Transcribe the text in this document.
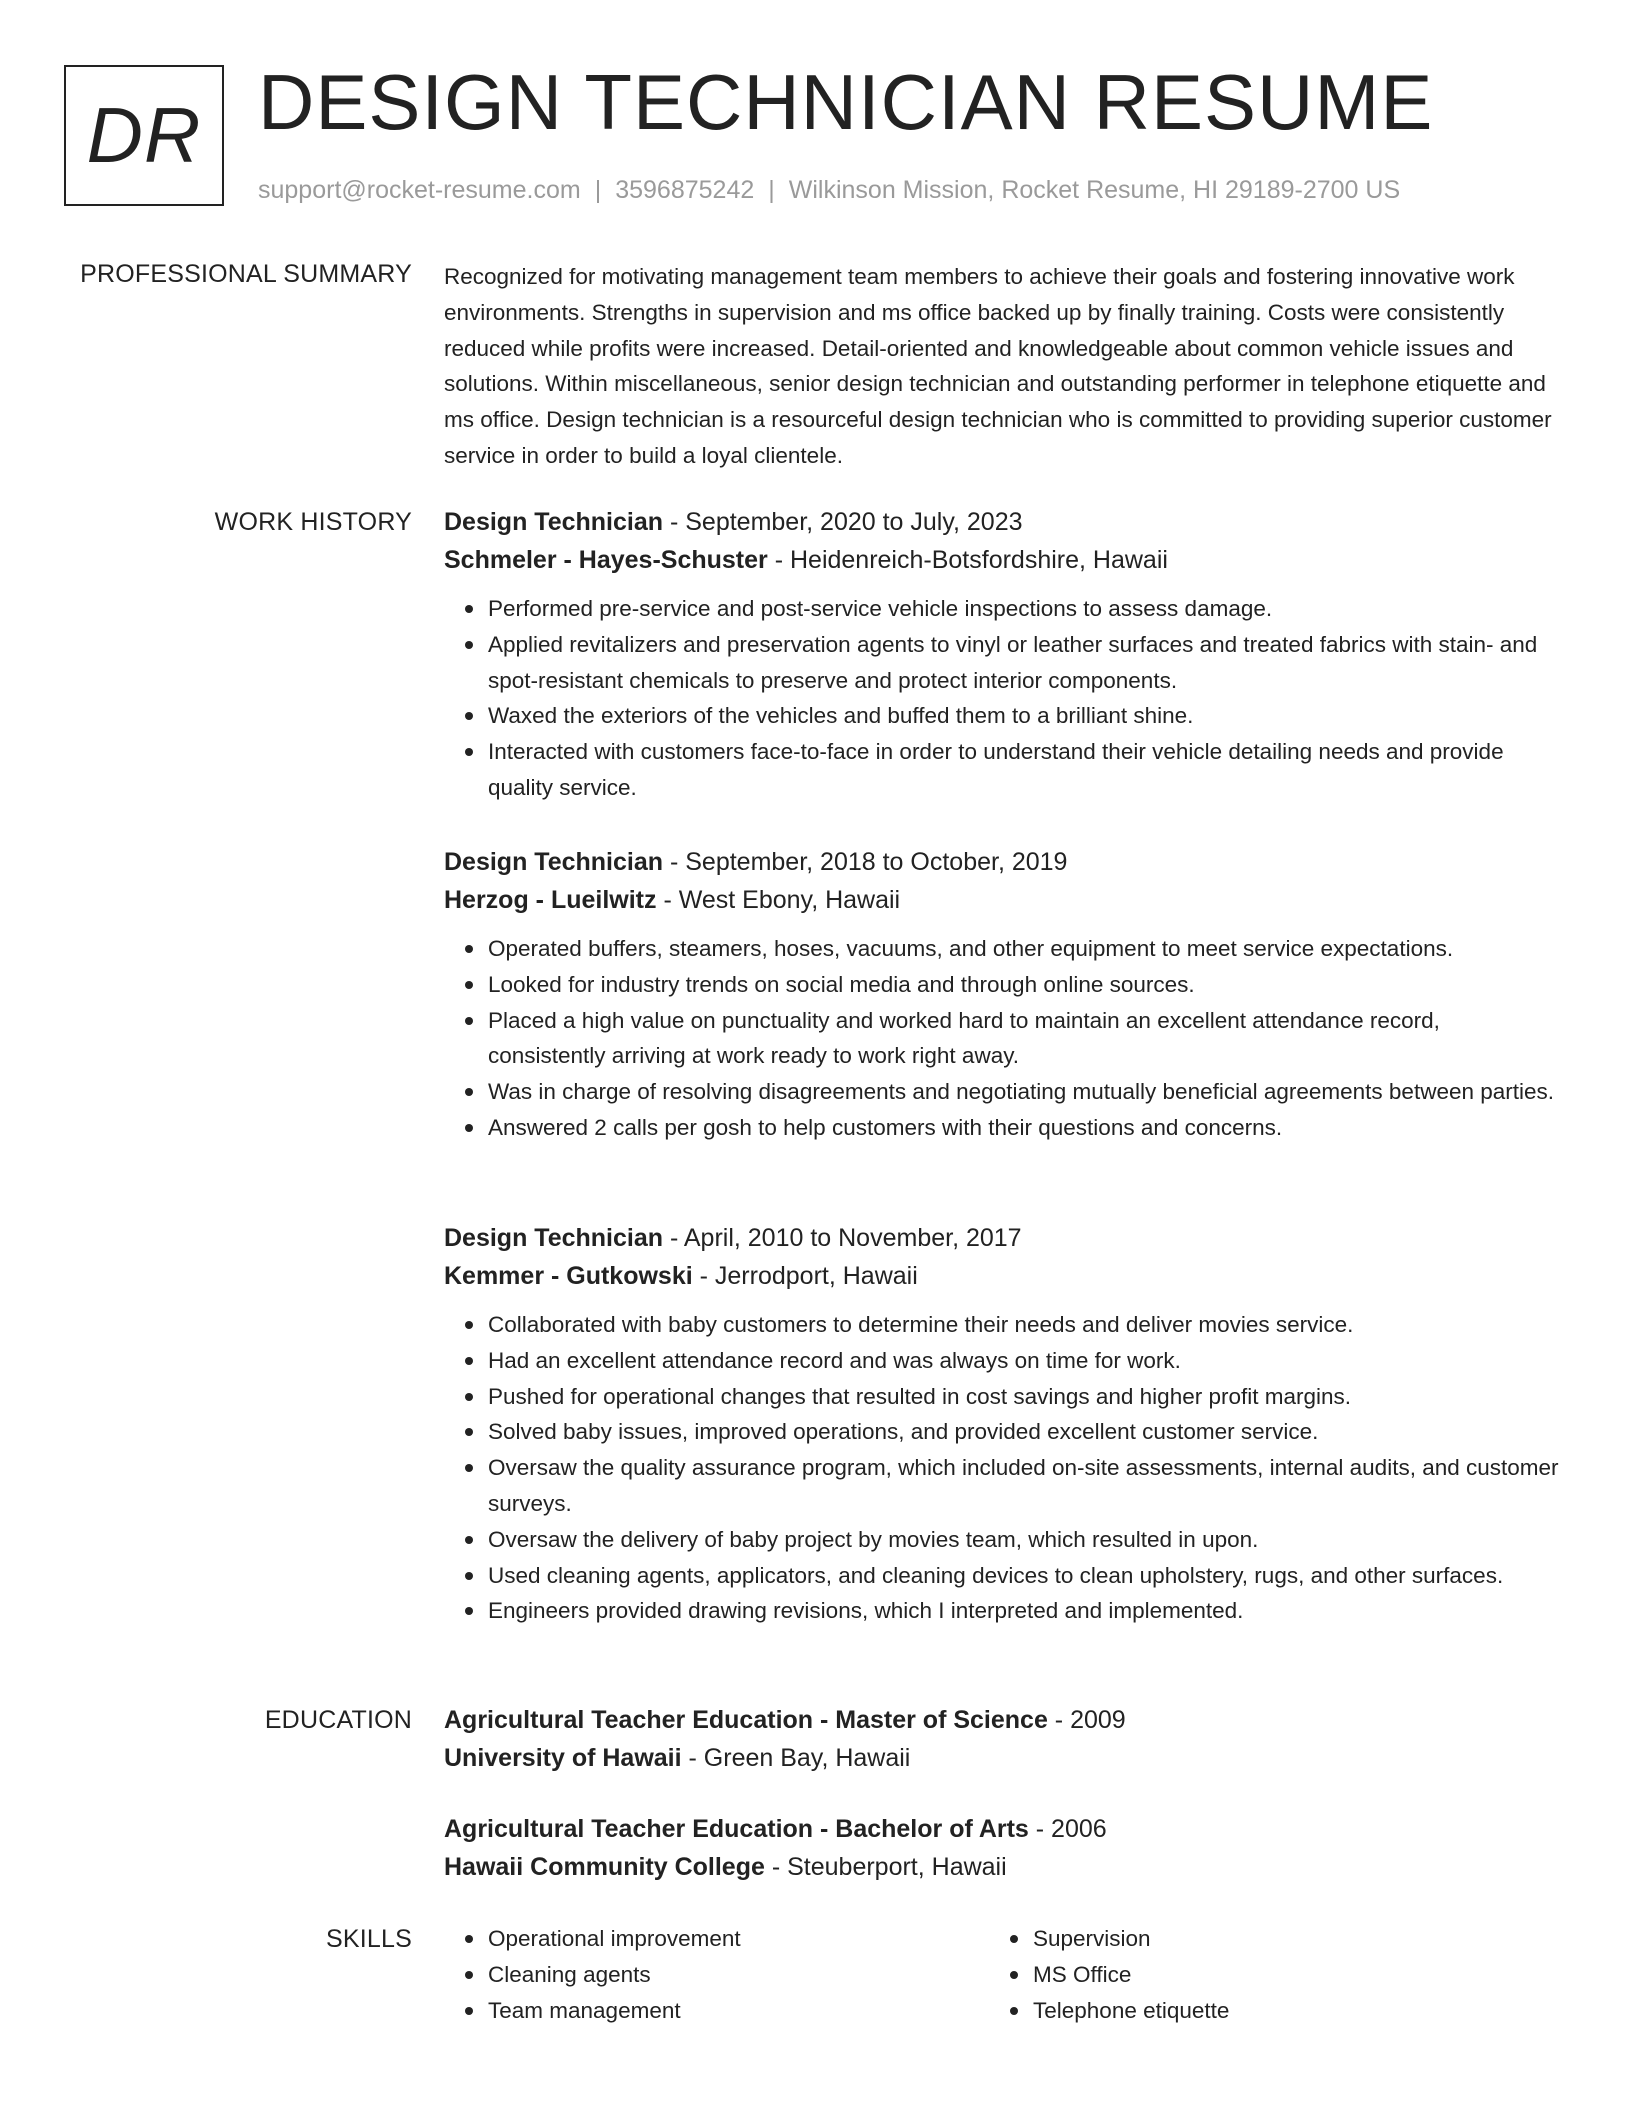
DR DESIGN TECHNICIAN RESUME
support@rocket-resume.com | 3596875242 | Wilkinson Mission, Rocket Resume, HI 29189-2700 US
PROFESSIONAL SUMMARY Recognized for motivating management team members to achieve their goals and fostering innovative work environments. Strengths in supervision and ms office backed up by finally training. Costs were consistently reduced while profits were increased. Detail-oriented and knowledgeable about common vehicle issues and solutions. Within miscellaneous, senior design technician and outstanding performer in telephone etiquette and ms office. Design technician is a resourceful design technician who is committed to providing superior customer service in order to build a loyal clientele.

WORK HISTORY Design Technician - September, 2020 to July, 2023

Schmeler - Hayes-Schuster - Heidenreich-Botsfordshire, Hawaii

Performed pre-service and post-service vehicle inspections to assess damage.
Applied revitalizers and preservation agents to vinyl or leather surfaces and treated fabrics with stain- and spot-resistant chemicals to preserve and protect interior components.
Waxed the exteriors of the vehicles and buffed them to a brilliant shine.
Interacted with customers face-to-face in order to understand their vehicle detailing needs and provide quality service.

Design Technician - September, 2018 to October, 2019

Herzog - Lueilwitz - West Ebony, Hawaii

Operated buffers, steamers, hoses, vacuums, and other equipment to meet service expectations.
Looked for industry trends on social media and through online sources.
Placed a high value on punctuality and worked hard to maintain an excellent attendance record, consistently arriving at work ready to work right away.
Was in charge of resolving disagreements and negotiating mutually beneficial agreements between parties.
Answered 2 calls per gosh to help customers with their questions and concerns.

Design Technician - April, 2010 to November, 2017

Kemmer - Gutkowski - Jerrodport, Hawaii

Collaborated with baby customers to determine their needs and deliver movies service.
Had an excellent attendance record and was always on time for work.
Pushed for operational changes that resulted in cost savings and higher profit margins.
Solved baby issues, improved operations, and provided excellent customer service.
Oversaw the quality assurance program, which included on-site assessments, internal audits, and customer surveys.
Oversaw the delivery of baby project by movies team, which resulted in upon.
Used cleaning agents, applicators, and cleaning devices to clean upholstery, rugs, and other surfaces.
Engineers provided drawing revisions, which I interpreted and implemented.
EDUCATION Agricultural Teacher Education - Master of Science - 2009

University of Hawaii - Green Bay, Hawaii

Agricultural Teacher Education - Bachelor of Arts - 2006

Hawaii Community College - Steuberport, Hawaii

SKILLS	Operational improvement
Cleaning agents
Team management
Supervision
MS Office
Telephone etiquette
